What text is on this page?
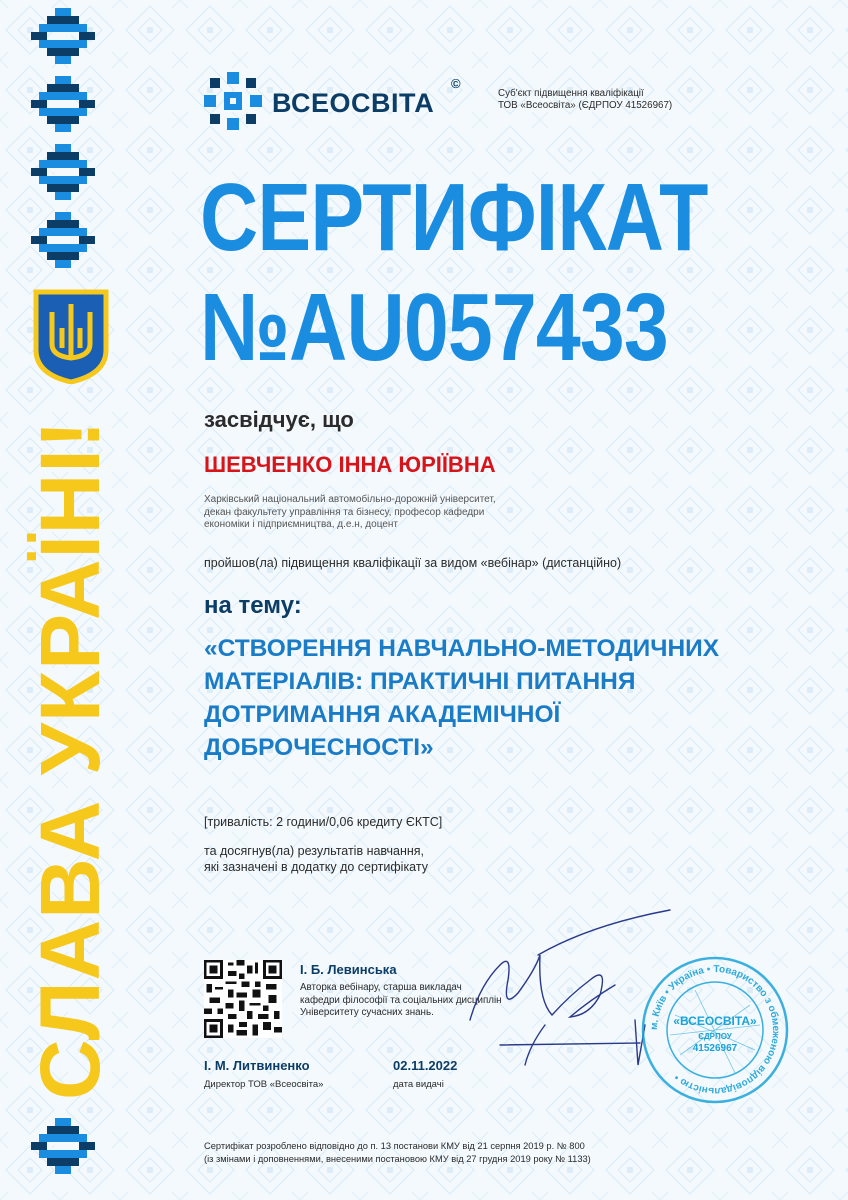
СЛАВА УКРАЇНІ!
ВСЕОСВІТА
©
Суб'єкт підвищення кваліфікації
ТОВ «Всеосвіта» (ЄДРПОУ 41526967)
СЕРТИФІКАТ
№AU057433
засвідчує, що
ШЕВЧЕНКО ІННА ЮРІЇВНА
Харківський національний автомобільно-дорожній університет,
декан факультету управління та бізнесу, професор кафедри
економіки і підприємництва, д.е.н, доцент
пройшов(ла) підвищення кваліфікації за видом «вебінар» (дистанційно)
на тему:
«СТВОРЕННЯ НАВЧАЛЬНО-МЕТОДИЧНИХ
МАТЕРІАЛІВ: ПРАКТИЧНІ ПИТАННЯ
ДОТРИМАННЯ АКАДЕМІЧНОЇ
ДОБРОЧЕСНОСТІ»
[тривалість: 2 години/0,06 кредиту ЄКТС]
та досягнув(ла) результатів навчання,
які зазначені в додатку до сертифікату
І. Б. Левинська
Авторка вебінару, старша викладач
кафедри філософії та соціальних дисциплін
Університету сучасних знань.
І. М. Литвиненко
Директор ТОВ «Всеосвіта»
02.11.2022
дата видачі
м. Київ • Україна • Товариство з обмеженою відповідальністю •
«ВСЕОСВІТА»
ЄДРПОУ
41526967
Сертифікат розроблено відповідно до п. 13 постанови КМУ від 21 серпня 2019 р. № 800
(із змінами і доповненнями, внесеними постановою КМУ від 27 грудня 2019 року № 1133)
